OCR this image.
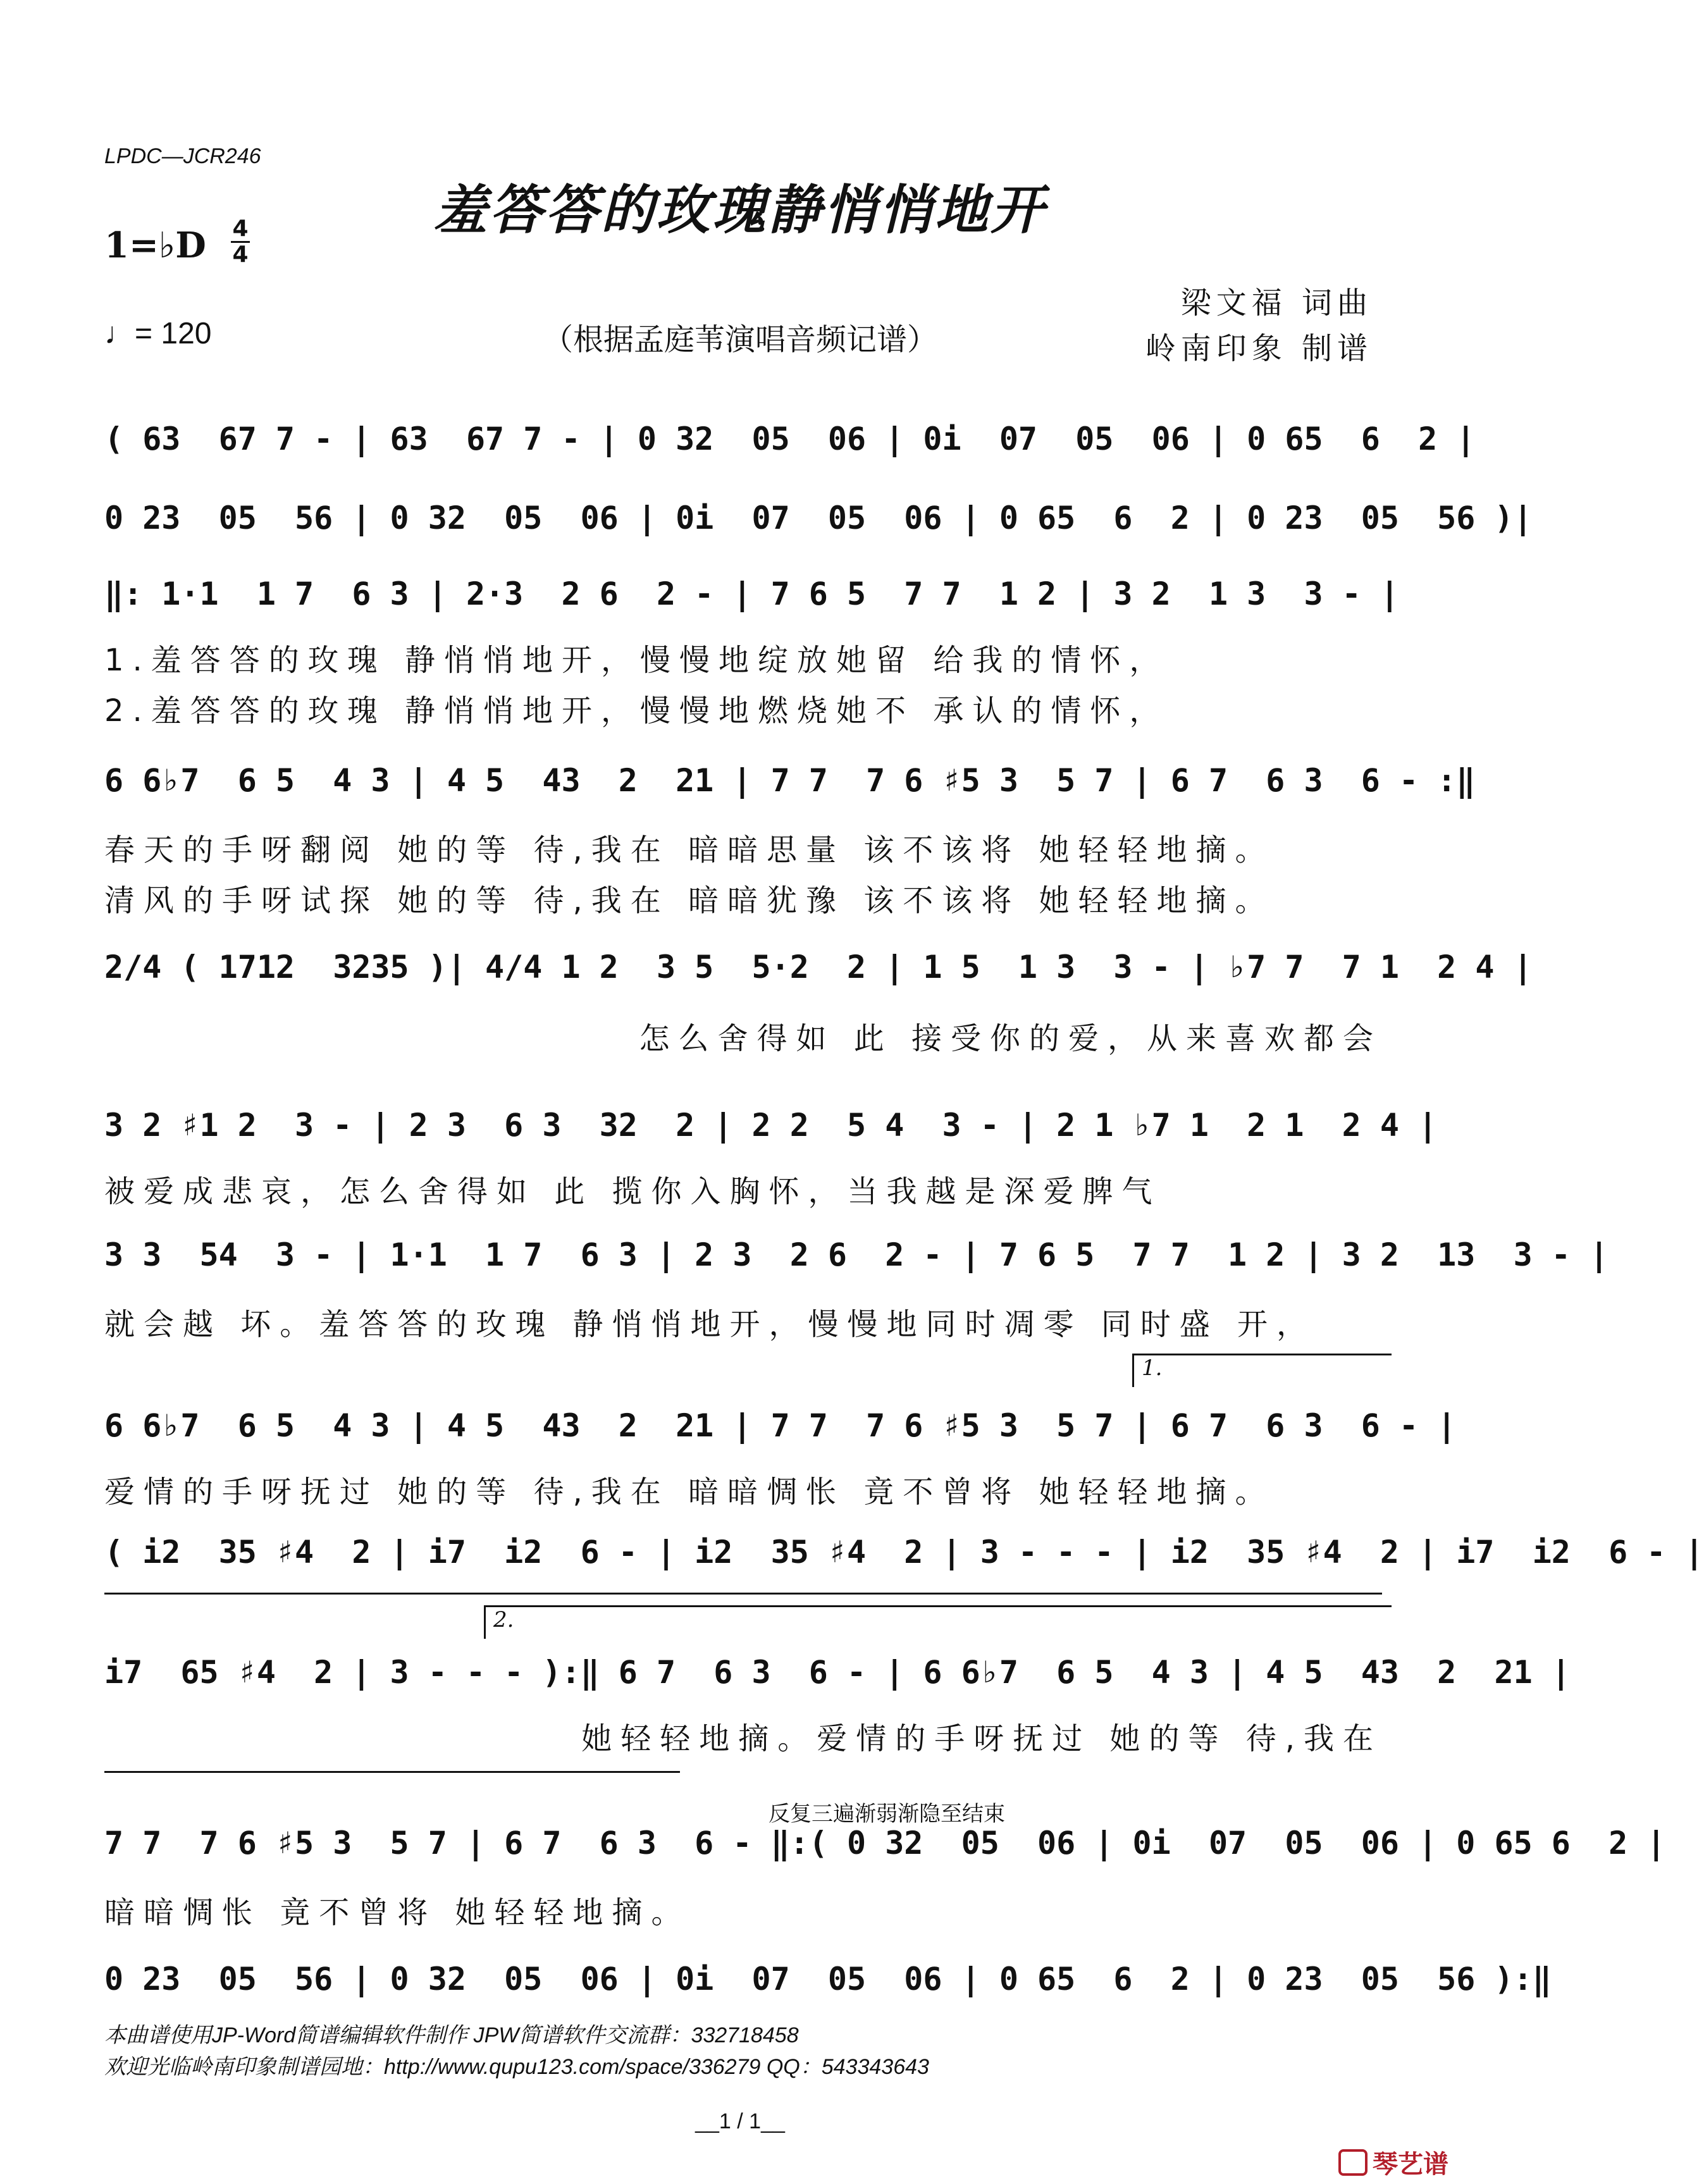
LPDC—JCR246
羞答答的玫瑰静悄悄地开
1=♭D 4
4
♩= 120	（根据孟庭苇演唱音频记谱）
梁文福 词曲
岭南印象 制谱
( 63  67 7 - | 63  67 7 - | 0 32  05  06 | 0i  07  05  06 | 0 65  6  2 |
0 23  05  56 | 0 32  05  06 | 0i  07  05  06 | 0 65  6  2 | 0 23  05  56 )|
‖: 1·1  1 7  6 3 | 2·3  2 6  2 - | 7 6 5  7 7  1 2 | 3 2  1 3  3 - |
1.羞答答的玫瑰 静悄悄地开，慢慢地绽放她留 给我的情怀，
2.羞答答的玫瑰 静悄悄地开，慢慢地燃烧她不 承认的情怀，
6 6♭7  6 5  4 3 | 4 5  43  2  21 | 7 7  7 6 ♯5 3  5 7 | 6 7  6 3  6 - :‖
春天的手呀翻阅 她的等 待,我在 暗暗思量 该不该将 她轻轻地摘。
清风的手呀试探 她的等 待,我在 暗暗犹豫 该不该将 她轻轻地摘。
2/4 ( 1712  3235 )| 4/4 1 2  3 5  5·2  2 | 1 5  1 3  3 - | ♭7 7  7 1  2 4 |
怎么舍得如 此 接受你的爱，从来喜欢都会
3 2 ♯1 2  3 - | 2 3  6 3  32  2 | 2 2  5 4  3 - | 2 1 ♭7 1  2 1  2 4 |
被爱成悲哀，怎么舍得如 此 揽你入胸怀，当我越是深爱脾气
3 3  54  3 - | 1·1  1 7  6 3 | 2 3  2 6  2 - | 7 6 5  7 7  1 2 | 3 2  13  3 - |
就会越 坏。羞答答的玫瑰 静悄悄地开，慢慢地同时凋零 同时盛 开，
1.
6 6♭7  6 5  4 3 | 4 5  43  2  21 | 7 7  7 6 ♯5 3  5 7 | 6 7  6 3  6 - |
爱情的手呀抚过 她的等 待,我在 暗暗惆怅 竟不曾将 她轻轻地摘。
( i2  35 ♯4  2 | i7  i2  6 - | i2  35 ♯4  2 | 3 - - - | i2  35 ♯4  2 | i7  i2  6 - |
2.
i7  65 ♯4  2 | 3 - - - ):‖ 6 7  6 3  6 - | 6 6♭7  6 5  4 3 | 4 5  43  2  21 |
她轻轻地摘。爱情的手呀抚过 她的等 待,我在
反复三遍渐弱渐隐至结束
7 7  7 6 ♯5 3  5 7 | 6 7  6 3  6 - ‖:( 0 32  05  06 | 0i  07  05  06 | 0 65 6  2 |
暗暗惆怅 竟不曾将 她轻轻地摘。
0 23  05  56 | 0 32  05  06 | 0i  07  05  06 | 0 65  6  2 | 0 23  05  56 ):‖
本曲谱使用JP-Word简谱编辑软件制作 JPW简谱软件交流群：332718458
欢迎光临岭南印象制谱园地：http://www.qupu123.com/space/336279 QQ：543343643
__1 / 1__
琴艺谱
